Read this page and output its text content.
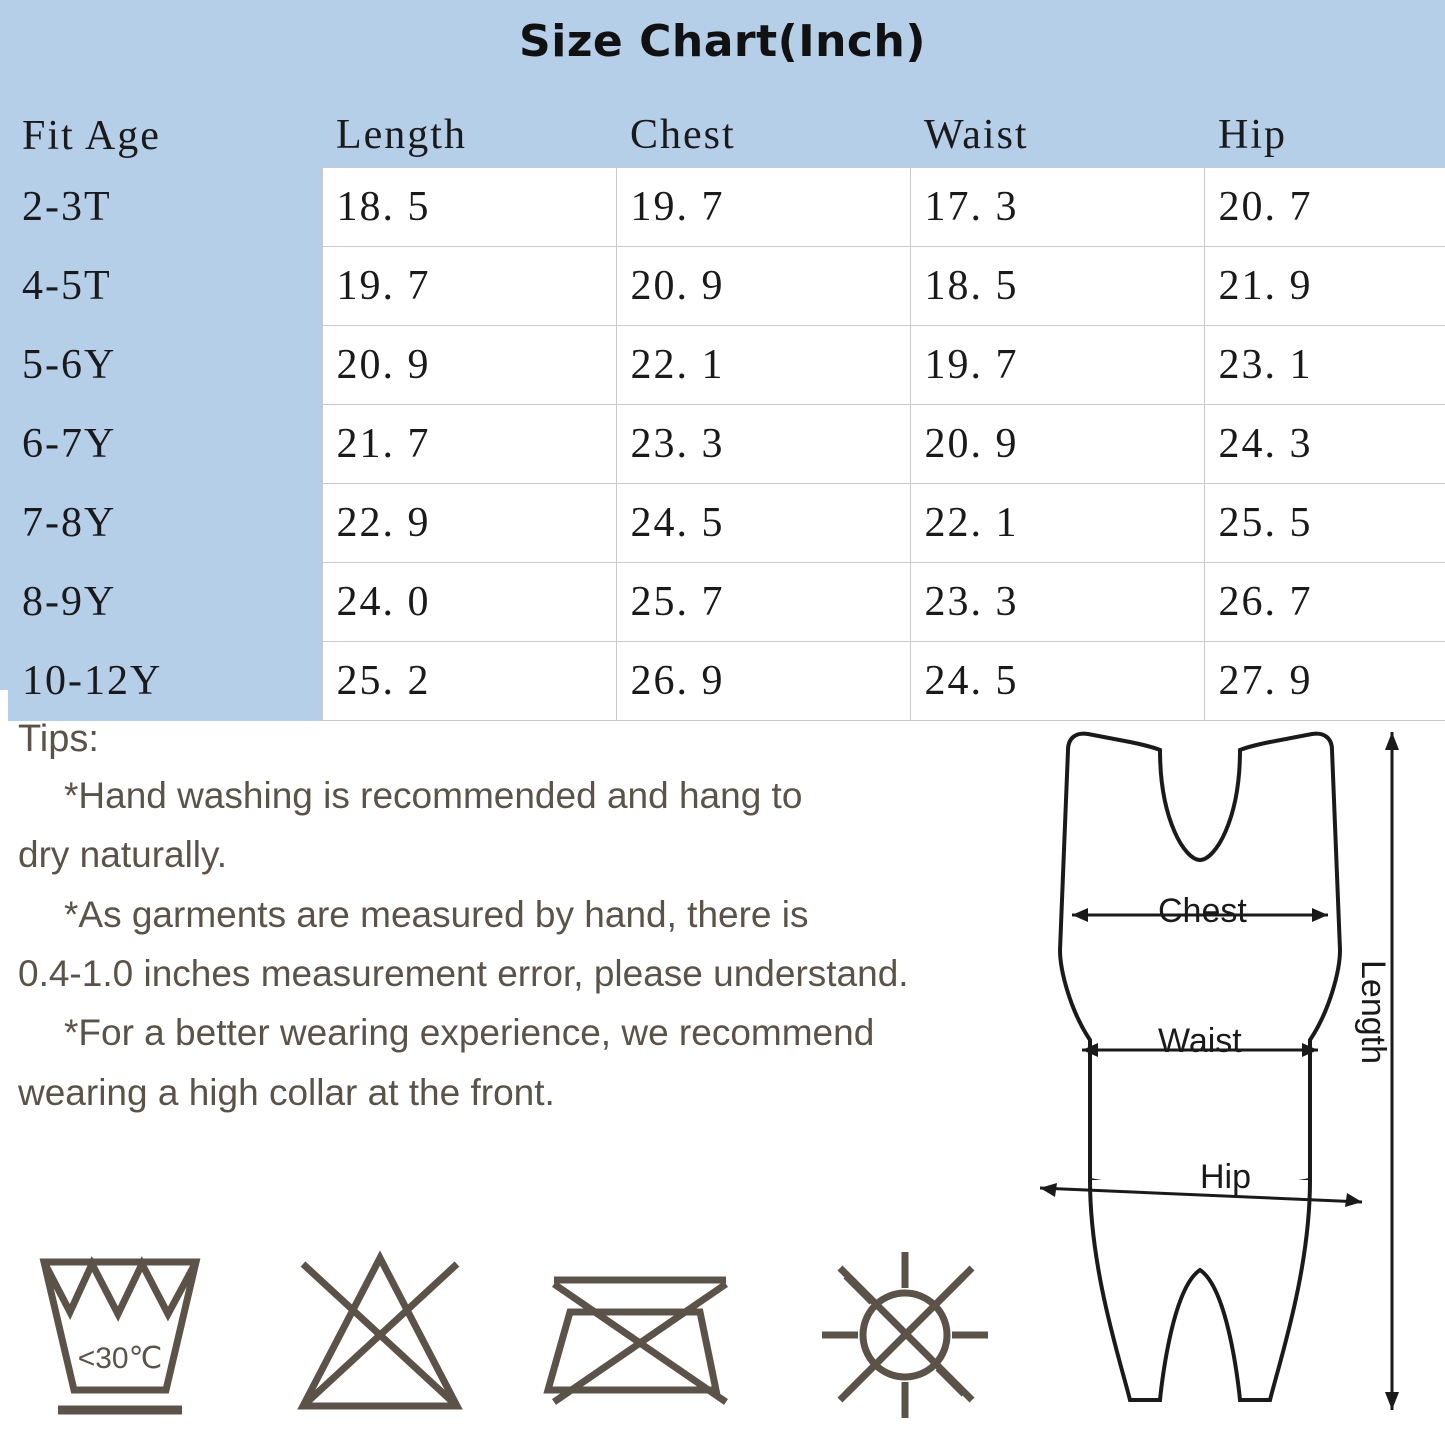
Size Chart(Inch)
Fit Age	Length	Chest	Waist	Hip
2-3T	18. 5	19. 7	17. 3	20. 7
4-5T	19. 7	20. 9	18. 5	21. 9
5-6Y	20. 9	22. 1	19. 7	23. 1
6-7Y	21. 7	23. 3	20. 9	24. 3
7-8Y	22. 9	24. 5	22. 1	25. 5
8-9Y	24. 0	25. 7	23. 3	26. 7
10-12Y	25. 2	26. 9	24. 5	27. 9
Tips:

*Hand washing is recommended and hang to

dry naturally.

*As garments are measured by hand, there is

0.4-1.0 inches measurement error, please understand.

*For a better wearing experience, we recommend

wearing a high collar at the front.

<30℃
Chest
Waist
Hip
Length
